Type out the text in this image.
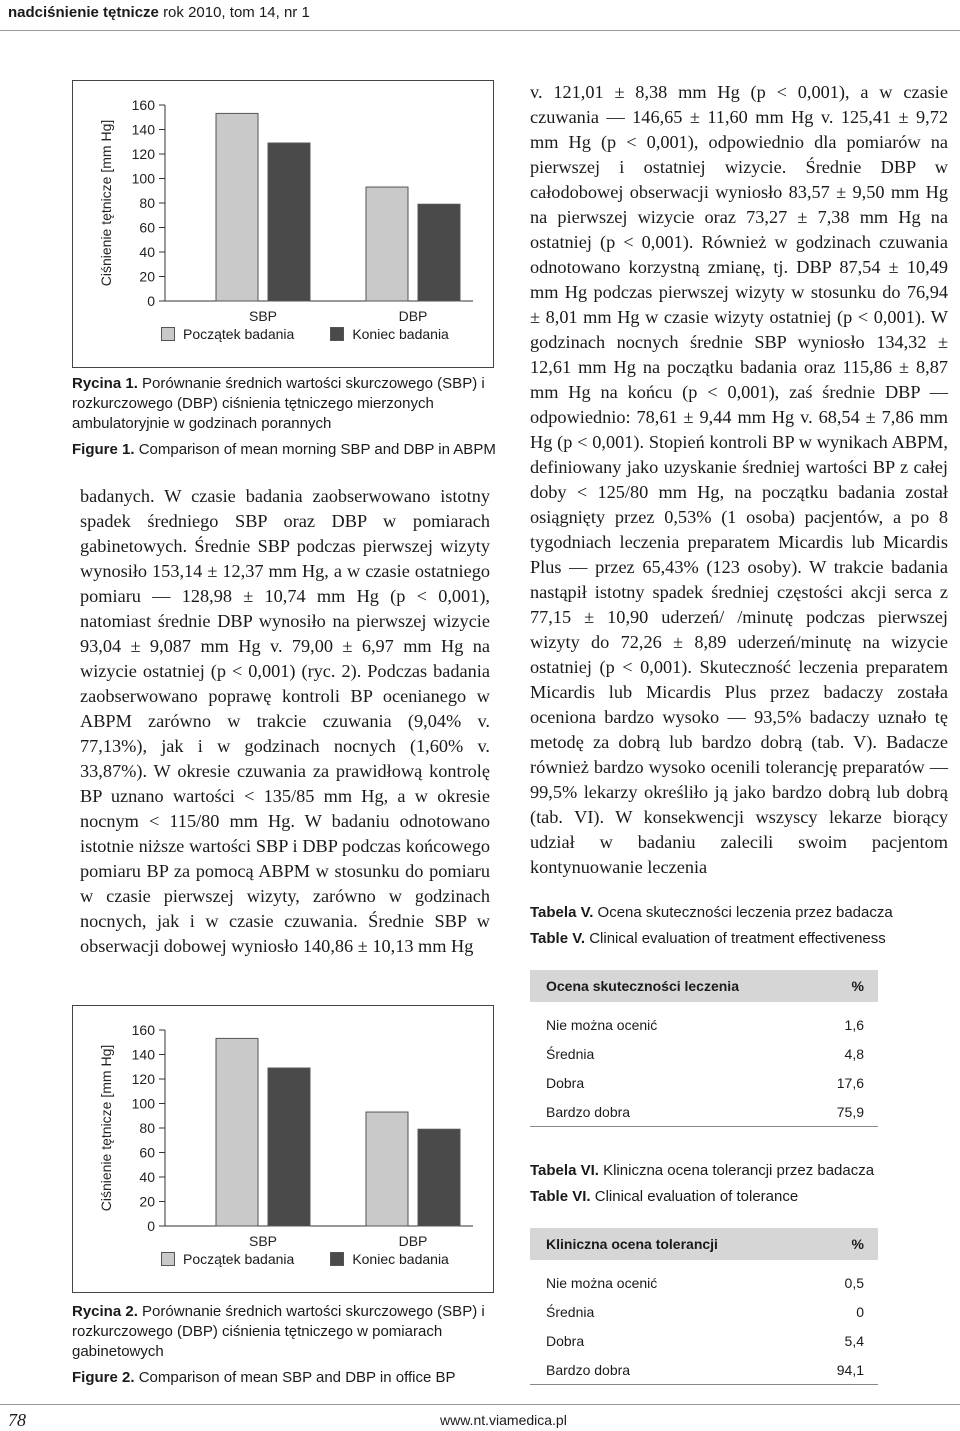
nadciśnienie tętnicze rok 2010, tom 14, nr 1
Ciśnienie tętnicze [mm Hg]
0
20
40
60
80
100
120
140
160
SBP	DBP
Początek badania	Koniec badania
Rycina 1. Porównanie średnich wartości skurczowego (SBP) i rozkurczowego (DBP) ciśnienia tętniczego mierzonych ambulatoryjnie w godzinach porannych

Figure 1. Comparison of mean morning SBP and DBP in ABPM
badanych. W czasie badania zaobserwowano istotny spadek średniego SBP oraz DBP w pomiarach gabinetowych. Średnie SBP podczas pierwszej wizyty wynosiło 153,14 ± 12,37 mm Hg, a w czasie ostatniego pomiaru — 128,98 ± 10,74 mm Hg (p < 0,001), natomiast średnie DBP wynosiło na pierwszej wizycie 93,04 ± 9,087 mm Hg v. 79,00 ± 6,97 mm Hg na wizycie ostatniej (p < 0,001) (ryc. 2). Podczas badania zaobserwowano poprawę kontroli BP ocenianego w ABPM zarówno w trakcie czuwania (9,04% v. 77,13%), jak i w godzinach nocnych (1,60% v. 33,87%). W okresie czuwania za prawidłową kontrolę BP uznano wartości < 135/85 mm Hg, a w okresie nocnym < 115/80 mm Hg. W badaniu odnotowano istotnie niższe wartości SBP i DBP podczas końcowego pomiaru BP za pomocą ABPM w stosunku do pomiaru w czasie pierwszej wizyty, zarówno w godzinach nocnych, jak i w czasie czuwania. Średnie SBP w obserwacji dobowej wyniosło 140,86 ± 10,13 mm Hg
v. 121,01 ± 8,38 mm Hg (p < 0,001), a w czasie czuwania — 146,65 ± 11,60 mm Hg v. 125,41 ± 9,72 mm Hg (p < 0,001), odpowiednio dla pomiarów na pierwszej i ostatniej wizycie. Średnie DBP w całodobowej obserwacji wyniosło 83,57 ± 9,50 mm Hg na pierwszej wizycie oraz 73,27 ± 7,38 mm Hg na ostatniej (p < 0,001). Również w godzinach czuwania odnotowano korzystną zmianę, tj. DBP 87,54 ± 10,49 mm Hg podczas pierwszej wizyty w stosunku do 76,94 ± 8,01 mm Hg w czasie wizyty ostatniej (p < 0,001). W godzinach nocnych średnie SBP wyniosło 134,32 ± 12,61 mm Hg na początku badania oraz 115,86 ± 8,87 mm Hg na końcu (p < 0,001), zaś średnie DBP — odpowiednio: 78,61 ± 9,44 mm Hg v. 68,54 ± 7,86 mm Hg (p < 0,001). Stopień kontroli BP w wynikach ABPM, definiowany jako uzyskanie średniej wartości BP z całej doby < 125/80 mm Hg, na początku badania został osiągnięty przez 0,53% (1 osoba) pacjentów, a po 8 tygodniach leczenia preparatem Micardis lub Micardis Plus — przez 65,43% (123 osoby). W trakcie badania nastąpił istotny spadek średniej częstości akcji serca z 77,15 ± 10,90 uderzeń/ /minutę podczas pierwszej wizyty do 72,26 ± 8,89 uderzeń/minutę na wizycie ostatniej (p < 0,001). Skuteczność leczenia preparatem Micardis lub Micardis Plus przez badaczy została oceniona bardzo wysoko — 93,5% badaczy uznało tę metodę za dobrą lub bardzo dobrą (tab. V). Badacze również bardzo wysoko ocenili tolerancję preparatów — 99,5% lekarzy określiło ją jako bardzo dobrą lub dobrą (tab. VI). W konsekwencji wszyscy lekarze biorący udział w badaniu zalecili swoim pacjentom kontynuowanie leczenia
Tabela V. Ocena skuteczności leczenia przez badacza
Table V. Clinical evaluation of treatment effectiveness
Ocena skuteczności leczenia	%

Nie można ocenić	1,6
Średnia	4,8
Dobra	17,6
Bardzo dobra	75,9
Ciśnienie tętnicze [mm Hg]
0
20
40
60
80
100
120
140
160
SBP	DBP
Początek badania	Koniec badania
Rycina 2. Porównanie średnich wartości skurczowego (SBP) i rozkurczowego (DBP) ciśnienia tętniczego w pomiarach gabinetowych

Figure 2. Comparison of mean SBP and DBP in office BP
Tabela VI. Kliniczna ocena tolerancji przez badacza
Table VI. Clinical evaluation of tolerance
Kliniczna ocena tolerancji	%

Nie można ocenić	0,5
Średnia	0
Dobra	5,4
Bardzo dobra	94,1
78	www.nt.viamedica.pl
